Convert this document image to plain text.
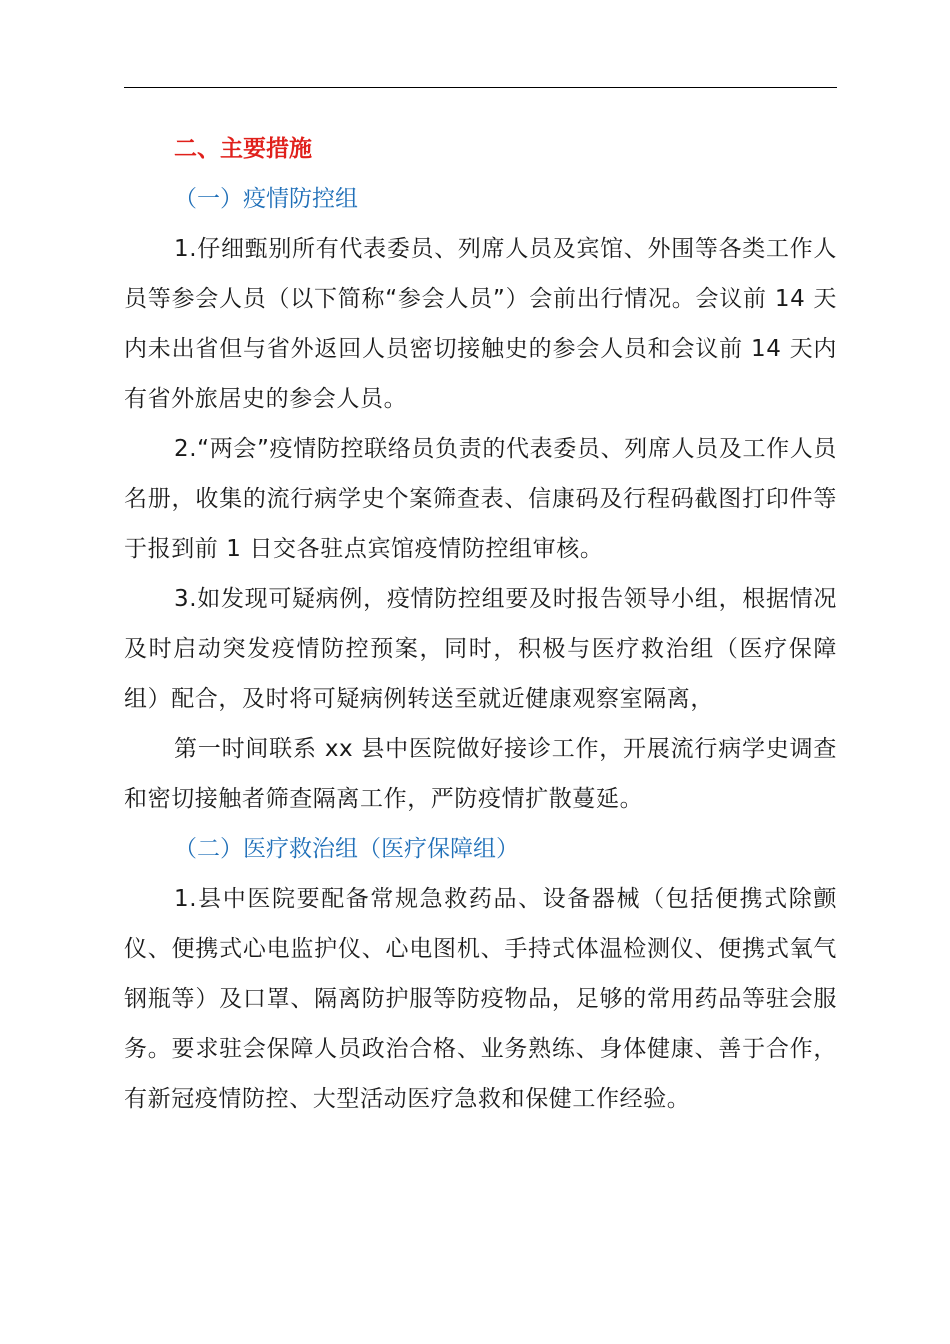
二、主要措施

（一）疫情防控组

1.仔细甄别所有代表委员、列席人员及宾馆、外围等各类工作人员等参会人员（以下简称“参会人员”）会前出行情况。会议前 14 天内未出省但与省外返回人员密切接触史的参会人员和会议前 14 天内有省外旅居史的参会人员。

2.“两会”疫情防控联络员负责的代表委员、列席人员及工作人员名册，收集的流行病学史个案筛查表、信康码及行程码截图打印件等于报到前 1 日交各驻点宾馆疫情防控组审核。

3.如发现可疑病例，疫情防控组要及时报告领导小组，根据情况及时启动突发疫情防控预案，同时，积极与医疗救治组（医疗保障组）配合，及时将可疑病例转送至就近健康观察室隔离，

第一时间联系 xx 县中医院做好接诊工作，开展流行病学史调查和密切接触者筛查隔离工作，严防疫情扩散蔓延。

（二）医疗救治组（医疗保障组）

1.县中医院要配备常规急救药品、设备器械（包括便携式除颤仪、便携式心电监护仪、心电图机、手持式体温检测仪、便携式氧气钢瓶等）及口罩、隔离防护服等防疫物品，足够的常用药品等驻会服务。要求驻会保障人员政治合格、业务熟练、身体健康、善于合作，有新冠疫情防控、大型活动医疗急救和保健工作经验。
